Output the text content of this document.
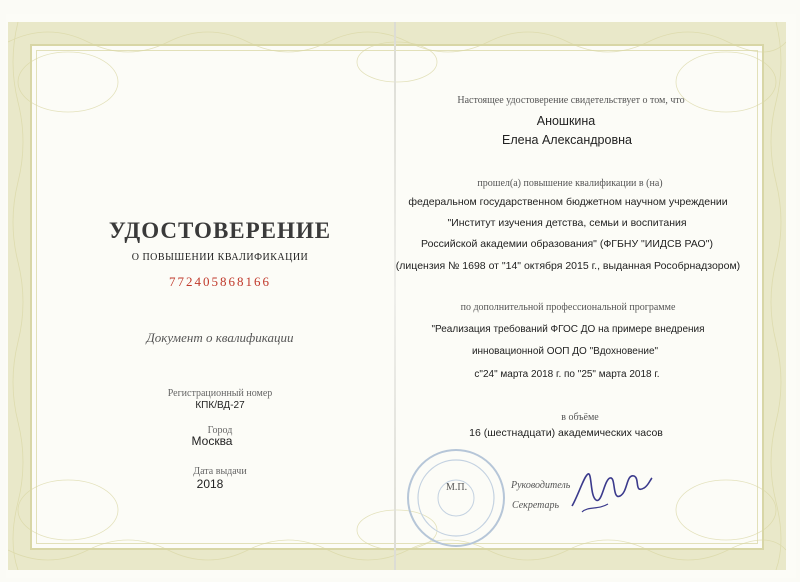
УДОСТОВЕРЕНИЕ
О ПОВЫШЕНИИ КВАЛИФИКАЦИИ
772405868166
Документ о квалификации
Регистрационный номер
КПК/ВД-27
Город
Москва
Дата выдачи
2018
Настоящее удостоверение свидетельствует о том, что
Аношкина
Елена Александровна
прошел(а) повышение квалификации в (на)
федеральном государственном бюджетном научном учреждении
"Институт изучения детства, семьи и воспитания
Российской академии образования" (ФГБНУ "ИИДСВ РАО")
(лицензия № 1698 от "14" октября 2015 г., выданная Рособрнадзором)
по дополнительной профессиональной программе
"Реализация требований ФГОС ДО на примере внедрения
инновационной ООП ДО "Вдохновение"
с"24" марта 2018 г. по "25" марта 2018 г.
в объёме
16 (шестнадцати) академических часов
М.П.	Руководитель
Секретарь
